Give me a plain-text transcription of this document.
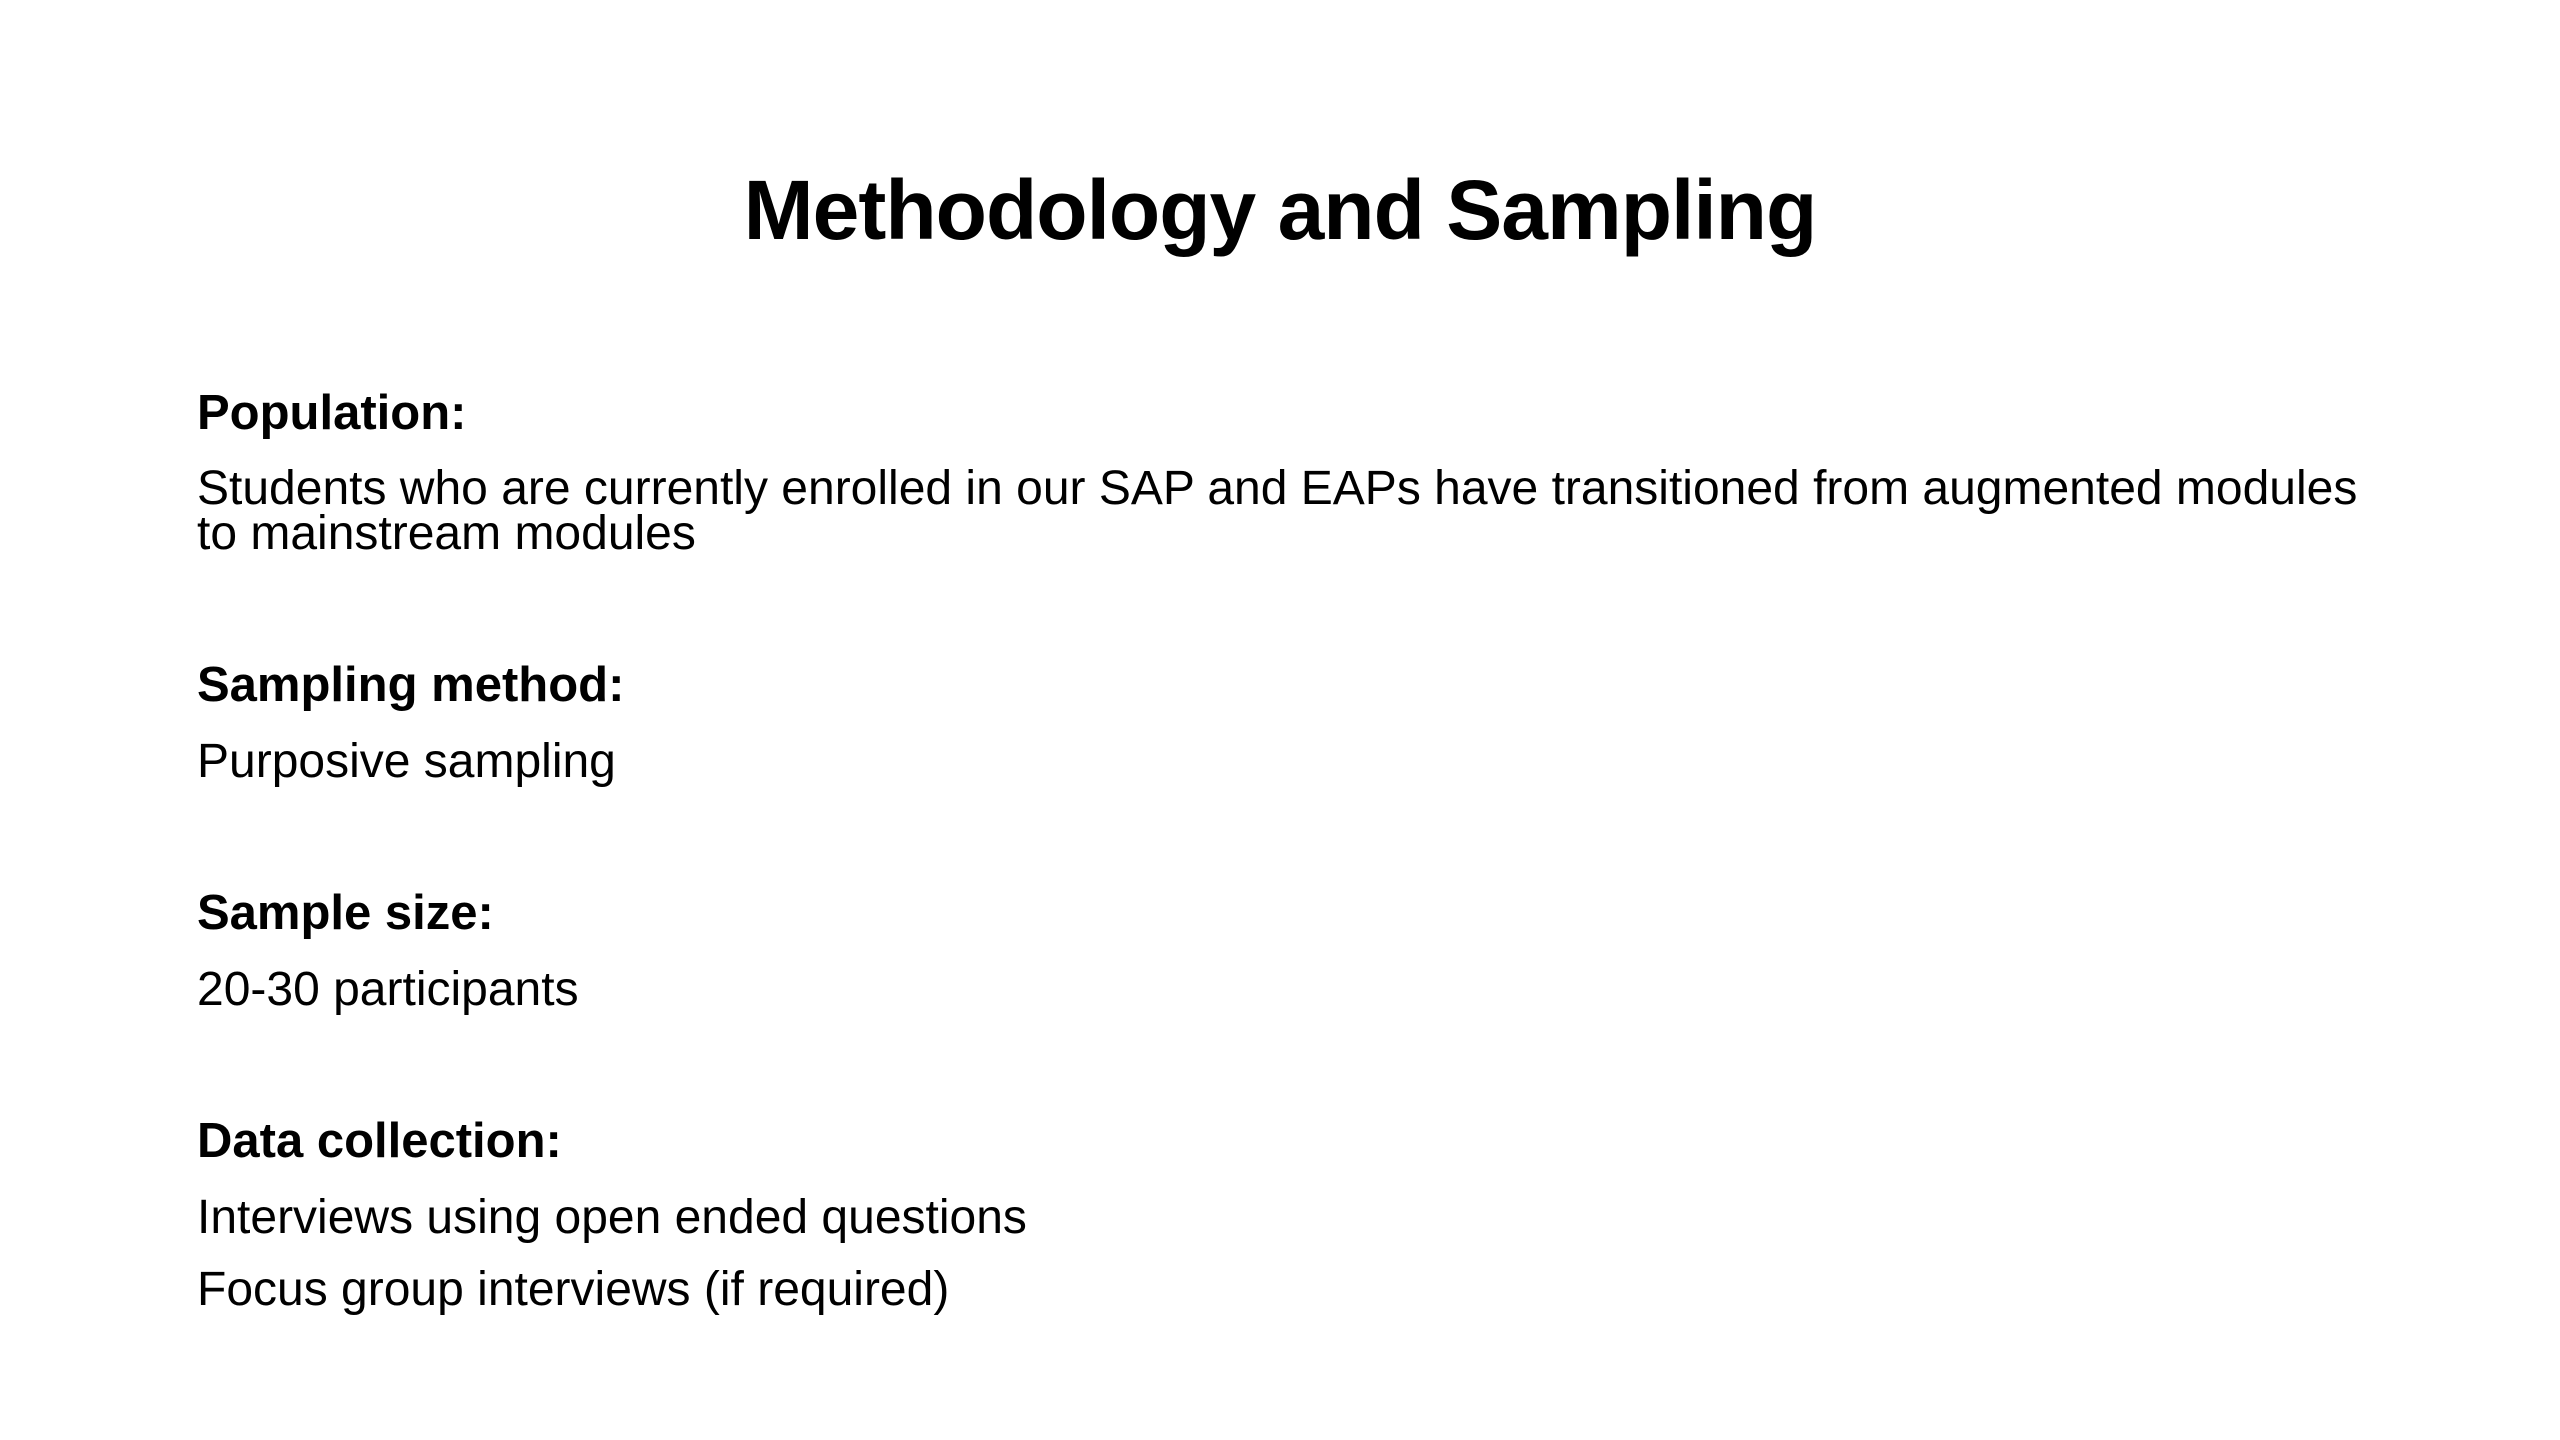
Methodology and Sampling

Population:

Students who are currently enrolled in our SAP and EAPs have transitioned from augmented modules to mainstream modules

Sampling method:

Purposive sampling

Sample size:

20-30 participants

Data collection:

Interviews using open ended questions

Focus group interviews (if required)
